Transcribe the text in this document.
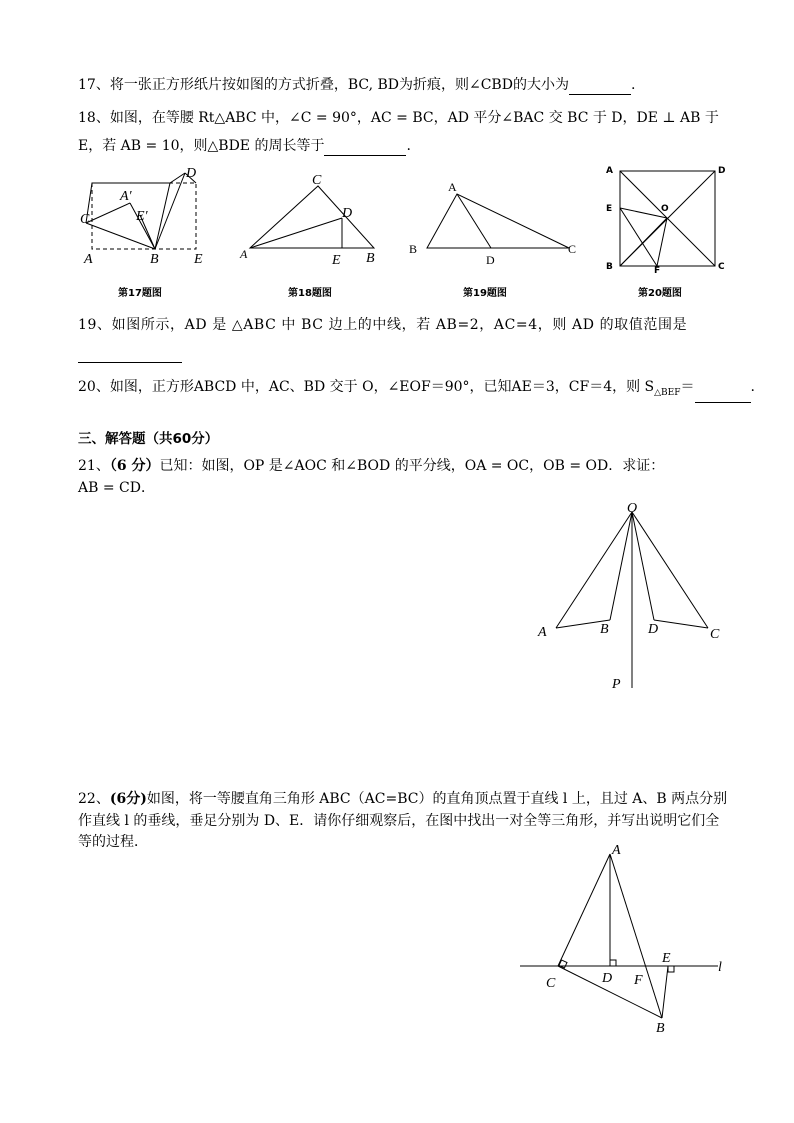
17、将一张正方形纸片按如图的方式折叠，BC, BD为折痕，则∠CBD的大小为	.
18、如图，在等腰 Rt△ABC 中，∠C = 90°，AC = BC，AD 平分∠BAC 交 BC 于 D，DE ⊥ AB 于
E，若 AB = 10，则△BDE 的周长等于	.
D
A′
C	E′
A	B	E
第17题图
C
D
A	E B
第18题图
A
B
D
C
第19题图
A	D
E	O
B	F	C
第20题图
19、如图所示，AD 是 △ABC 中 BC 边上的中线，若 AB=2，AC=4，则 AD 的取值范围是
20、如图，正方形ABCD 中，AC、BD 交于 O，∠EOF＝90°，已知AE＝3，CF＝4，则 $S_{\triangle BEF}=$	.
三、解答题（共60分）
21、（6 分）已知：如图，OP 是∠AOC 和∠BOD 的平分线，OA = OC，OB = OD．求证：
AB = CD．
O
A	B	D	C
P
22、(6分)如图，将一等腰直角三角形 ABC（AC=BC）的直角顶点置于直线 l 上，且过 A、B 两点分别
作直线 l 的垂线，垂足分别为 D、E．请你仔细观察后，在图中找出一对全等三角形，并写出说明它们全
等的过程．
A
E
l
C	D F
B
